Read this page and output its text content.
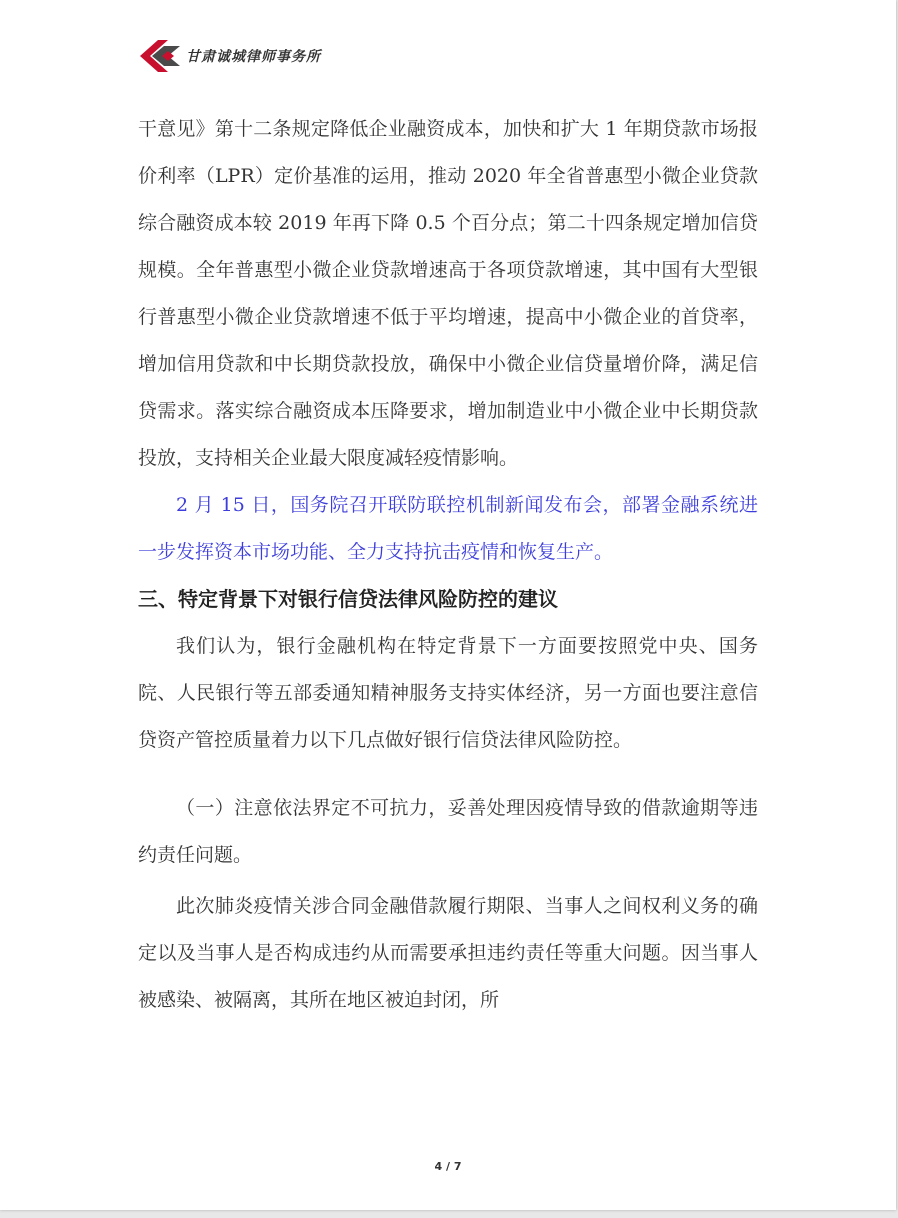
甘肃诚城律师事务所

干意见》第十二条规定降低企业融资成本，加快和扩大 1 年期贷款市场报价利率（LPR）定价基准的运用，推动 2020 年全省普惠型小微企业贷款综合融资成本较 2019 年再下降 0.5 个百分点；第二十四条规定增加信贷规模。全年普惠型小微企业贷款增速高于各项贷款增速，其中国有大型银行普惠型小微企业贷款增速不低于平均增速，提高中小微企业的首贷率，增加信用贷款和中长期贷款投放，确保中小微企业信贷量增价降，满足信贷需求。落实综合融资成本压降要求，增加制造业中小微企业中长期贷款投放，支持相关企业最大限度减轻疫情影响。

2 月 15 日，国务院召开联防联控机制新闻发布会，部署金融系统进一步发挥资本市场功能、全力支持抗击疫情和恢复生产。

三、特定背景下对银行信贷法律风险防控的建议

我们认为，银行金融机构在特定背景下一方面要按照党中央、国务院、人民银行等五部委通知精神服务支持实体经济，另一方面也要注意信贷资产管控质量着力以下几点做好银行信贷法律风险防控。

（一）注意依法界定不可抗力，妥善处理因疫情导致的借款逾期等违约责任问题。

此次肺炎疫情关涉合同金融借款履行期限、当事人之间权利义务的确定以及当事人是否构成违约从而需要承担违约责任等重大问题。因当事人被感染、被隔离，其所在地区被迫封闭，所

4 / 7
